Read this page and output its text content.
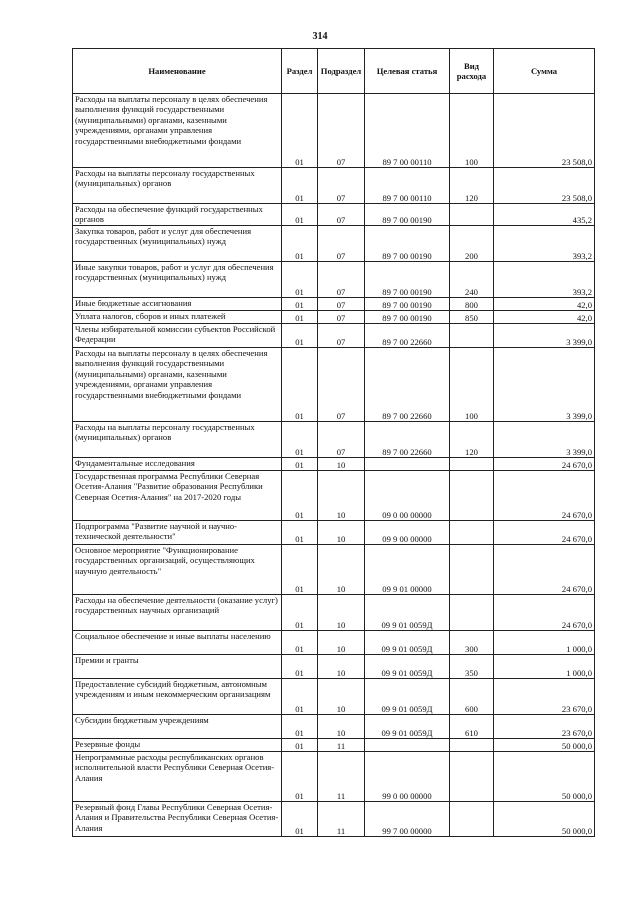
314
Наименование	Раздел	Подраздел	Целевая статья	Вид расхода	Сумма
Расходы на выплаты персоналу в целях обеспечения выполнения функций государственными (муниципальными) органами, казенными учреждениями, органами управления государственными внебюджетными фондами	01	07	89 7 00 00110	100	23 508,0
Расходы на выплаты персоналу государственных (муниципальных) органов	01	07	89 7 00 00110	120	23 508,0
Расходы на обеспечение функций государственных органов	01	07	89 7 00 00190		435,2
Закупка товаров, работ и услуг для обеспечения государственных (муниципальных) нужд	01	07	89 7 00 00190	200	393,2
Иные закупки товаров, работ и услуг для обеспечения государственных (муниципальных) нужд	01	07	89 7 00 00190	240	393,2
Иные бюджетные ассигнования	01	07	89 7 00 00190	800	42,0
Уплата налогов, сборов и иных платежей	01	07	89 7 00 00190	850	42,0
Члены избирательной комиссии субъектов Российской Федерации	01	07	89 7 00 22660		3 399,0
Расходы на выплаты персоналу в целях обеспечения выполнения функций государственными (муниципальными) органами, казенными учреждениями, органами управления государственными внебюджетными фондами	01	07	89 7 00 22660	100	3 399,0
Расходы на выплаты персоналу государственных (муниципальных) органов	01	07	89 7 00 22660	120	3 399,0
Фундаментальные исследования	01	10			24 670,0
Государственная программа Республики Северная Осетия-Алания "Развитие образования Республики Северная Осетия-Алания" на 2017-2020 годы	01	10	09 0 00 00000		24 670,0
Подпрограмма "Развитие научной и научно-технической деятельности"	01	10	09 9 00 00000		24 670,0
Основное мероприятие "Функционирование государственных организаций, осуществляющих научную деятельность"	01	10	09 9 01 00000		24 670,0
Расходы на обеспечение деятельности (оказание услуг) государственных научных организаций	01	10	09 9 01 0059Д		24 670,0
Социальное обеспечение и иные выплаты населению	01	10	09 9 01 0059Д	300	1 000,0
Премии и гранты	01	10	09 9 01 0059Д	350	1 000,0
Предоставление субсидий бюджетным, автономным учреждениям и иным некоммерческим организациям	01	10	09 9 01 0059Д	600	23 670,0
Субсидии бюджетным учреждениям	01	10	09 9 01 0059Д	610	23 670,0
Резервные фонды	01	11			50 000,0
Непрограммные расходы республиканских органов исполнительной власти Республики Северная Осетия-Алания	01	11	99 0 00 00000		50 000,0
Резервный фонд Главы Республики Северная Осетия-Алания и Правительства Республики Северная Осетия-Алания	01	11	99 7 00 00000		50 000,0
